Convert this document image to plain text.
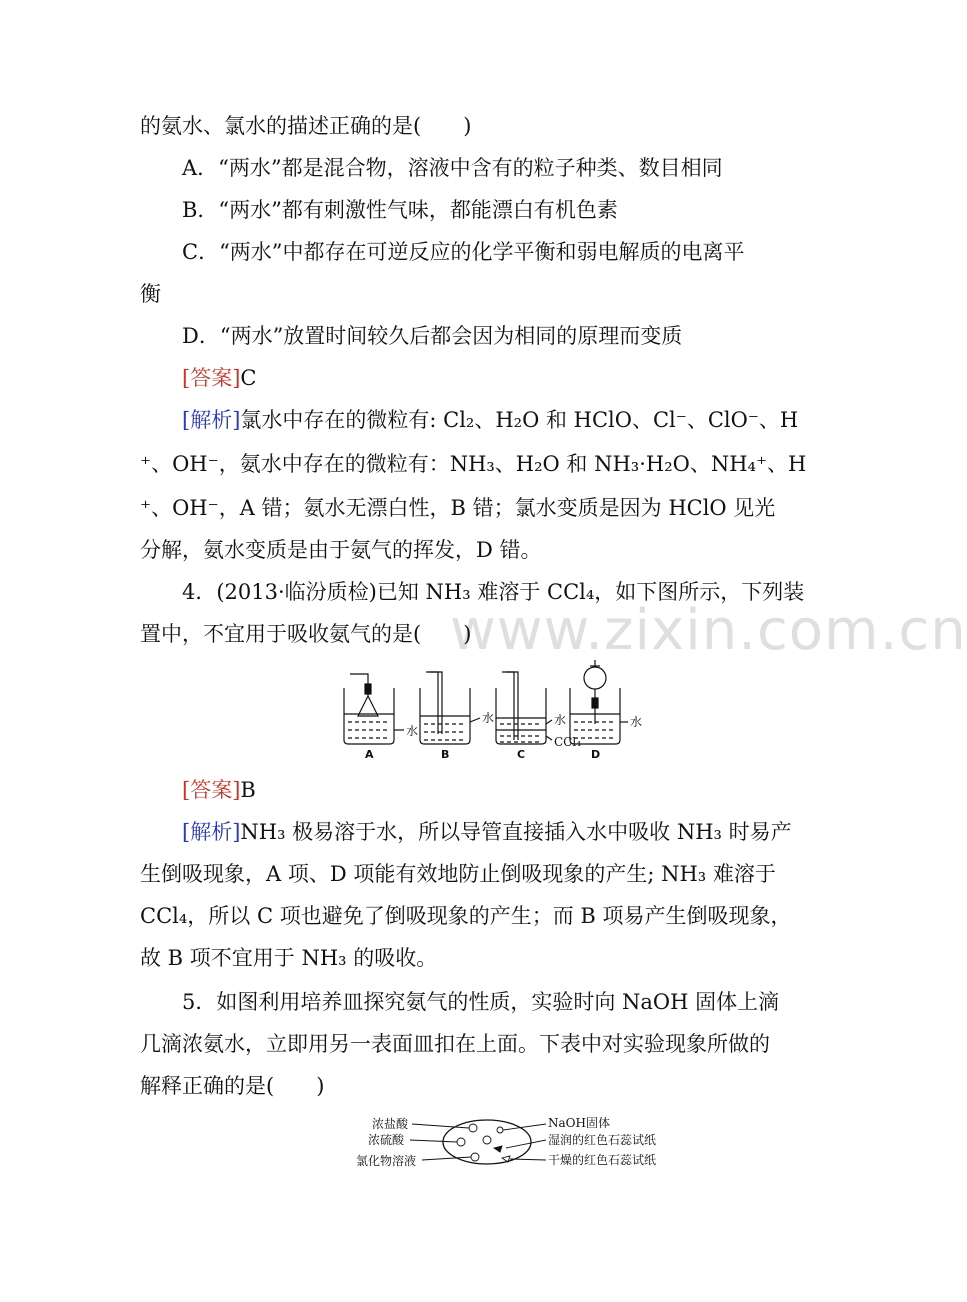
www.zixin.com.cn
的氨水、氯水的描述正确的是(　　)
A．“两水”都是混合物，溶液中含有的粒子种类、数目相同
B．“两水”都有刺激性气味，都能漂白有机色素
C．“两水”中都存在可逆反应的化学平衡和弱电解质的电离平
衡
D．“两水”放置时间较久后都会因为相同的原理而变质
[答案]C
[解析]氯水中存在的微粒有: Cl₂、H₂O 和 HClO、Cl⁻、ClO⁻、H
⁺、OH⁻，氨水中存在的微粒有：NH₃、H₂O 和 NH₃·H₂O、NH₄⁺、H
⁺、OH⁻，A 错；氨水无漂白性，B 错；氯水变质是因为 HClO 见光
分解，氨水变质是由于氨气的挥发，D 错。
4．(2013·临汾质检)已知 NH₃ 难溶于 CCl₄，如下图所示，下列装
置中，不宜用于吸收氨气的是(　　)
水
水	水
CCl₄
水
A	B	C	D
[答案]B
[解析]NH₃ 极易溶于水，所以导管直接插入水中吸收 NH₃ 时易产
生倒吸现象，A 项、D 项能有效地防止倒吸现象的产生; NH₃ 难溶于
CCl₄，所以 C 项也避免了倒吸现象的产生；而 B 项易产生倒吸现象，
故 B 项不宜用于 NH₃ 的吸收。
5．如图利用培养皿探究氨气的性质，实验时向 NaOH 固体上滴
几滴浓氨水，立即用另一表面皿扣在上面。下表中对实验现象所做的
解释正确的是(　　)
浓盐酸
浓硫酸
氯化物溶液
NaOH固体
湿润的红色石蕊试纸
干燥的红色石蕊试纸
